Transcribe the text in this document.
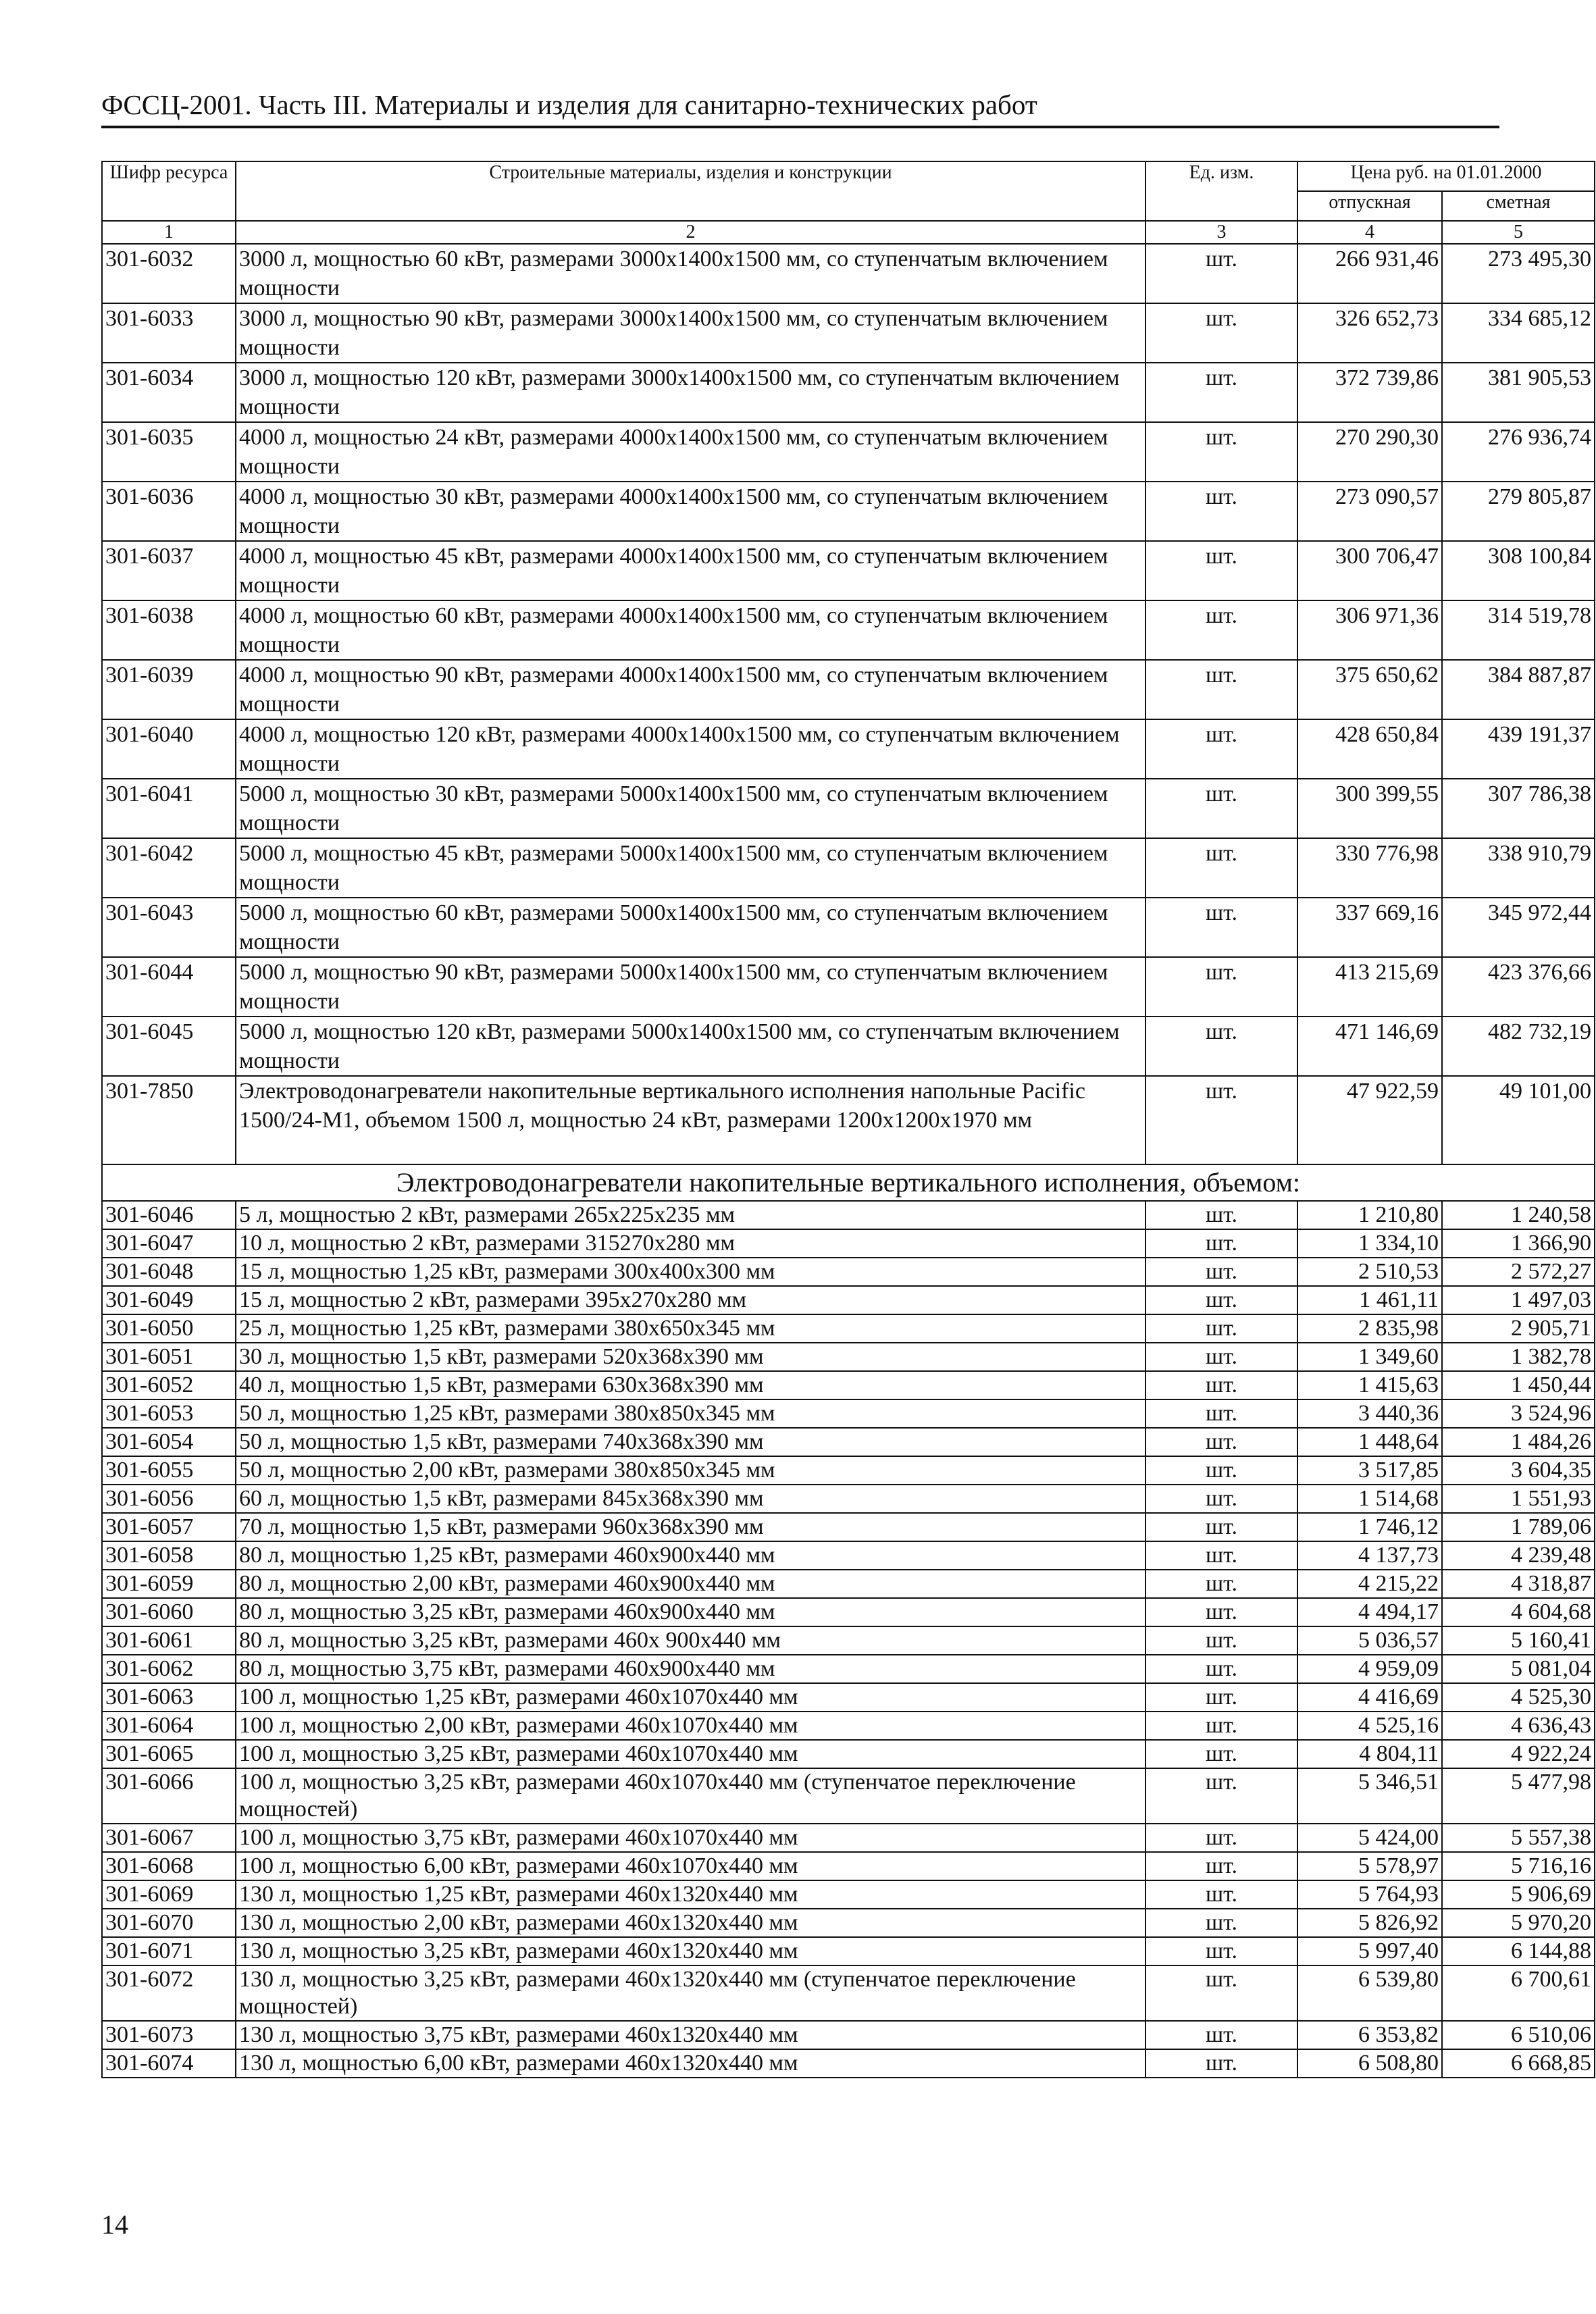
ФССЦ-2001. Часть III. Материалы и изделия для санитарно-технических работ
Шифр ресурса	Строительные материалы, изделия и конструкции	Ед. изм.	Цена руб. на 01.01.2000	
			отпускная	сметная
1	2	3	4	5
301-6032	3000 л, мощностью 60 кВт, размерами 3000х1400х1500 мм, со ступенчатым включением мощности	шт.	266 931,46	273 495,30
301-6033	3000 л, мощностью 90 кВт, размерами 3000х1400х1500 мм, со ступенчатым включением мощности	шт.	326 652,73	334 685,12
301-6034	3000 л, мощностью 120 кВт, размерами 3000х1400х1500 мм, со ступенчатым включением мощности	шт.	372 739,86	381 905,53
301-6035	4000 л, мощностью 24 кВт, размерами 4000х1400х1500 мм, со ступенчатым включением мощности	шт.	270 290,30	276 936,74
301-6036	4000 л, мощностью 30 кВт, размерами 4000х1400х1500 мм, со ступенчатым включением мощности	шт.	273 090,57	279 805,87
301-6037	4000 л, мощностью 45 кВт, размерами 4000х1400х1500 мм, со ступенчатым включением мощности	шт.	300 706,47	308 100,84
301-6038	4000 л, мощностью 60 кВт, размерами 4000х1400х1500 мм, со ступенчатым включением мощности	шт.	306 971,36	314 519,78
301-6039	4000 л, мощностью 90 кВт, размерами 4000х1400х1500 мм, со ступенчатым включением мощности	шт.	375 650,62	384 887,87
301-6040	4000 л, мощностью 120 кВт, размерами 4000х1400х1500 мм, со ступенчатым включением мощности	шт.	428 650,84	439 191,37
301-6041	5000 л, мощностью 30 кВт, размерами 5000х1400х1500 мм, со ступенчатым включением мощности	шт.	300 399,55	307 786,38
301-6042	5000 л, мощностью 45 кВт, размерами 5000х1400х1500 мм, со ступенчатым включением мощности	шт.	330 776,98	338 910,79
301-6043	5000 л, мощностью 60 кВт, размерами 5000х1400х1500 мм, со ступенчатым включением мощности	шт.	337 669,16	345 972,44
301-6044	5000 л, мощностью 90 кВт, размерами 5000х1400х1500 мм, со ступенчатым включением мощности	шт.	413 215,69	423 376,66
301-6045	5000 л, мощностью 120 кВт, размерами 5000х1400х1500 мм, со ступенчатым включением мощности	шт.	471 146,69	482 732,19
301-7850	Электроводонагреватели накопительные вертикального исполнения напольные Pacific 1500/24-M1, объемом 1500 л, мощностью 24 кВт, размерами 1200х1200х1970 мм	шт.	47 922,59	49 101,00
Электроводонагреватели накопительные вертикального исполнения, объемом:				
301-6046	5 л, мощностью 2 кВт, размерами 265х225х235 мм	шт.	1 210,80	1 240,58
301-6047	10 л, мощностью 2 кВт, размерами 315270х280 мм	шт.	1 334,10	1 366,90
301-6048	15 л, мощностью 1,25 кВт, размерами 300х400х300 мм	шт.	2 510,53	2 572,27
301-6049	15 л, мощностью 2 кВт, размерами 395х270х280 мм	шт.	1 461,11	1 497,03
301-6050	25 л, мощностью 1,25 кВт, размерами 380х650х345 мм	шт.	2 835,98	2 905,71
301-6051	30 л, мощностью 1,5 кВт, размерами 520х368х390 мм	шт.	1 349,60	1 382,78
301-6052	40 л, мощностью 1,5 кВт, размерами 630х368х390 мм	шт.	1 415,63	1 450,44
301-6053	50 л, мощностью 1,25 кВт, размерами 380х850х345 мм	шт.	3 440,36	3 524,96
301-6054	50 л, мощностью 1,5 кВт, размерами 740х368х390 мм	шт.	1 448,64	1 484,26
301-6055	50 л, мощностью 2,00 кВт, размерами 380х850х345 мм	шт.	3 517,85	3 604,35
301-6056	60 л, мощностью 1,5 кВт, размерами 845х368х390 мм	шт.	1 514,68	1 551,93
301-6057	70 л, мощностью 1,5 кВт, размерами 960х368х390 мм	шт.	1 746,12	1 789,06
301-6058	80 л, мощностью 1,25 кВт, размерами 460х900х440 мм	шт.	4 137,73	4 239,48
301-6059	80 л, мощностью 2,00 кВт, размерами 460х900х440 мм	шт.	4 215,22	4 318,87
301-6060	80 л, мощностью 3,25 кВт, размерами 460х900х440 мм	шт.	4 494,17	4 604,68
301-6061	80 л, мощностью 3,25 кВт, размерами 460х 900х440 мм	шт.	5 036,57	5 160,41
301-6062	80 л, мощностью 3,75 кВт, размерами 460х900х440 мм	шт.	4 959,09	5 081,04
301-6063	100 л, мощностью 1,25 кВт, размерами 460х1070х440 мм	шт.	4 416,69	4 525,30
301-6064	100 л, мощностью 2,00 кВт, размерами 460х1070х440 мм	шт.	4 525,16	4 636,43
301-6065	100 л, мощностью 3,25 кВт, размерами 460х1070х440 мм	шт.	4 804,11	4 922,24
301-6066	100 л, мощностью 3,25 кВт, размерами 460х1070х440 мм (ступенчатое переключение мощностей)	шт.	5 346,51	5 477,98
301-6067	100 л, мощностью 3,75 кВт, размерами 460х1070х440 мм	шт.	5 424,00	5 557,38
301-6068	100 л, мощностью 6,00 кВт, размерами 460х1070х440 мм	шт.	5 578,97	5 716,16
301-6069	130 л, мощностью 1,25 кВт, размерами 460х1320х440 мм	шт.	5 764,93	5 906,69
301-6070	130 л, мощностью 2,00 кВт, размерами 460х1320х440 мм	шт.	5 826,92	5 970,20
301-6071	130 л, мощностью 3,25 кВт, размерами 460х1320х440 мм	шт.	5 997,40	6 144,88
301-6072	130 л, мощностью 3,25 кВт, размерами 460х1320х440 мм (ступенчатое переключение мощностей)	шт.	6 539,80	6 700,61
301-6073	130 л, мощностью 3,75 кВт, размерами 460х1320х440 мм	шт.	6 353,82	6 510,06
301-6074	130 л, мощностью 6,00 кВт, размерами 460х1320х440 мм	шт.	6 508,80	6 668,85
14
